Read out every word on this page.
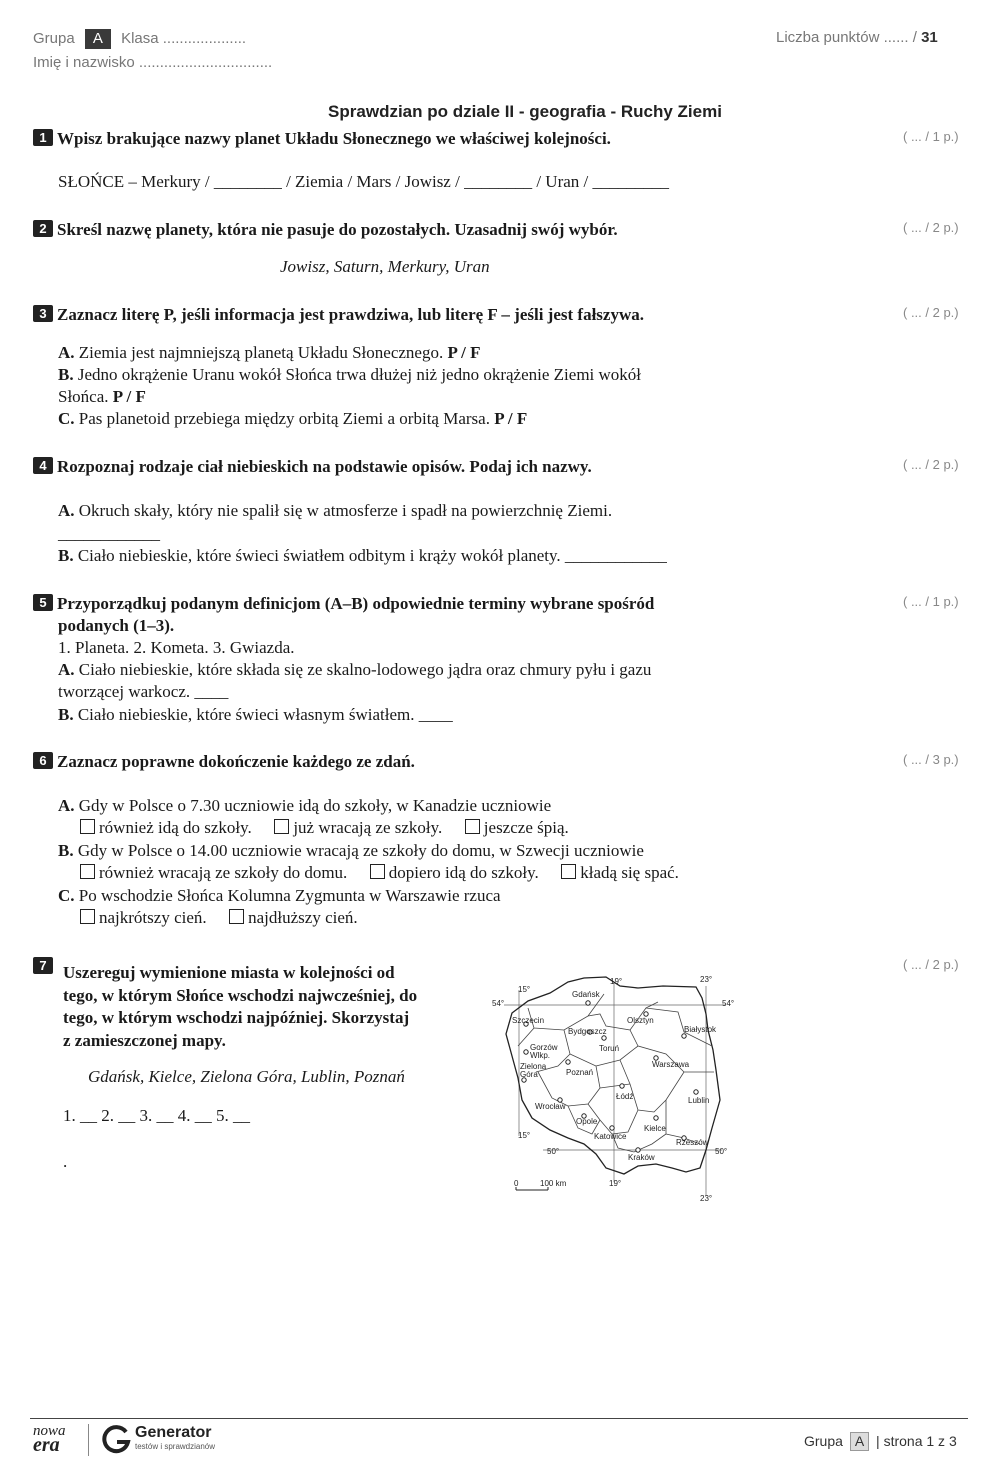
Grupa A Klasa ....................
Imię i nazwisko ................................
Liczba punktów ...... / 31
Sprawdzian po dziale II - geografia - Ruchy Ziemi
1 Wpisz brakujące nazwy planet Układu Słonecznego we właściwej kolejności.	( ... / 1 p.)
SŁOŃCE – Merkury / ________ / Ziemia / Mars / Jowisz / ________ / Uran / _________
2 Skreśl nazwę planety, która nie pasuje do pozostałych. Uzasadnij swój wybór.	( ... / 2 p.)
Jowisz, Saturn, Merkury, Uran
3 Zaznacz literę P, jeśli informacja jest prawdziwa, lub literę F – jeśli jest fałszywa.	( ... / 2 p.)
A. Ziemia jest najmniejszą planetą Układu Słonecznego. P / F
B. Jedno okrążenie Uranu wokół Słońca trwa dłużej niż jedno okrążenie Ziemi wokół
Słońca. P / F
C. Pas planetoid przebiega między orbitą Ziemi a orbitą Marsa. P / F
4 Rozpoznaj rodzaje ciał niebieskich na podstawie opisów. Podaj ich nazwy.	( ... / 2 p.)
A. Okruch skały, który nie spalił się w atmosferze i spadł na powierzchnię Ziemi.
____________
B. Ciało niebieskie, które świeci światłem odbitym i krąży wokół planety. ____________
5 Przyporządkuj podanym definicjom (A–B) odpowiednie terminy wybrane spośród
podanych (1–3).
( ... / 1 p.)
1. Planeta. 2. Kometa. 3. Gwiazda.
A. Ciało niebieskie, które składa się ze skalno-lodowego jądra oraz chmury pyłu i gazu
tworzącej warkocz. ____
B. Ciało niebieskie, które świeci własnym światłem. ____
6 Zaznacz poprawne dokończenie każdego ze zdań.	( ... / 3 p.)
A. Gdy w Polsce o 7.30 uczniowie idą do szkoły, w Kanadzie uczniowie
również idą do szkoły. już wracają ze szkoły. jeszcze śpią.
B. Gdy w Polsce o 14.00 uczniowie wracają ze szkoły do domu, w Szwecji uczniowie
również wracają ze szkoły do domu. dopiero idą do szkoły. kładą się spać.
C. Po wschodzie Słońca Kolumna Zygmunta w Warszawie rzuca
najkrótszy cień. najdłuższy cień.
7 Uszereguj wymienione miasta w kolejności od
tego, w którym Słońce wschodzi najwcześniej, do
tego, w którym wschodzi najpóźniej. Skorzystaj
z zamieszczonej mapy.
( ... / 2 p.)
Gdańsk, Kielce, Zielona Góra, Lublin, Poznań
1. __ 2. __ 3. __ 4. __ 5. __
.
15°
19°	23°
54°	54°
50°	50°
15°
19°
23°
Gdańsk
Olsztyn
Szczecin
Bydgoszcz
Toruń
Białystok
Gorzów
Wlkp.
Zielona
Góra	Poznań
Warszawa
Łódź	Lublin
Wrocław
Opole
Kielce
Katowice
Rzeszów
Kraków
0	100 km
nowa
era
Generator
testów i sprawdzianów	Grupa A | strona 1 z 3
